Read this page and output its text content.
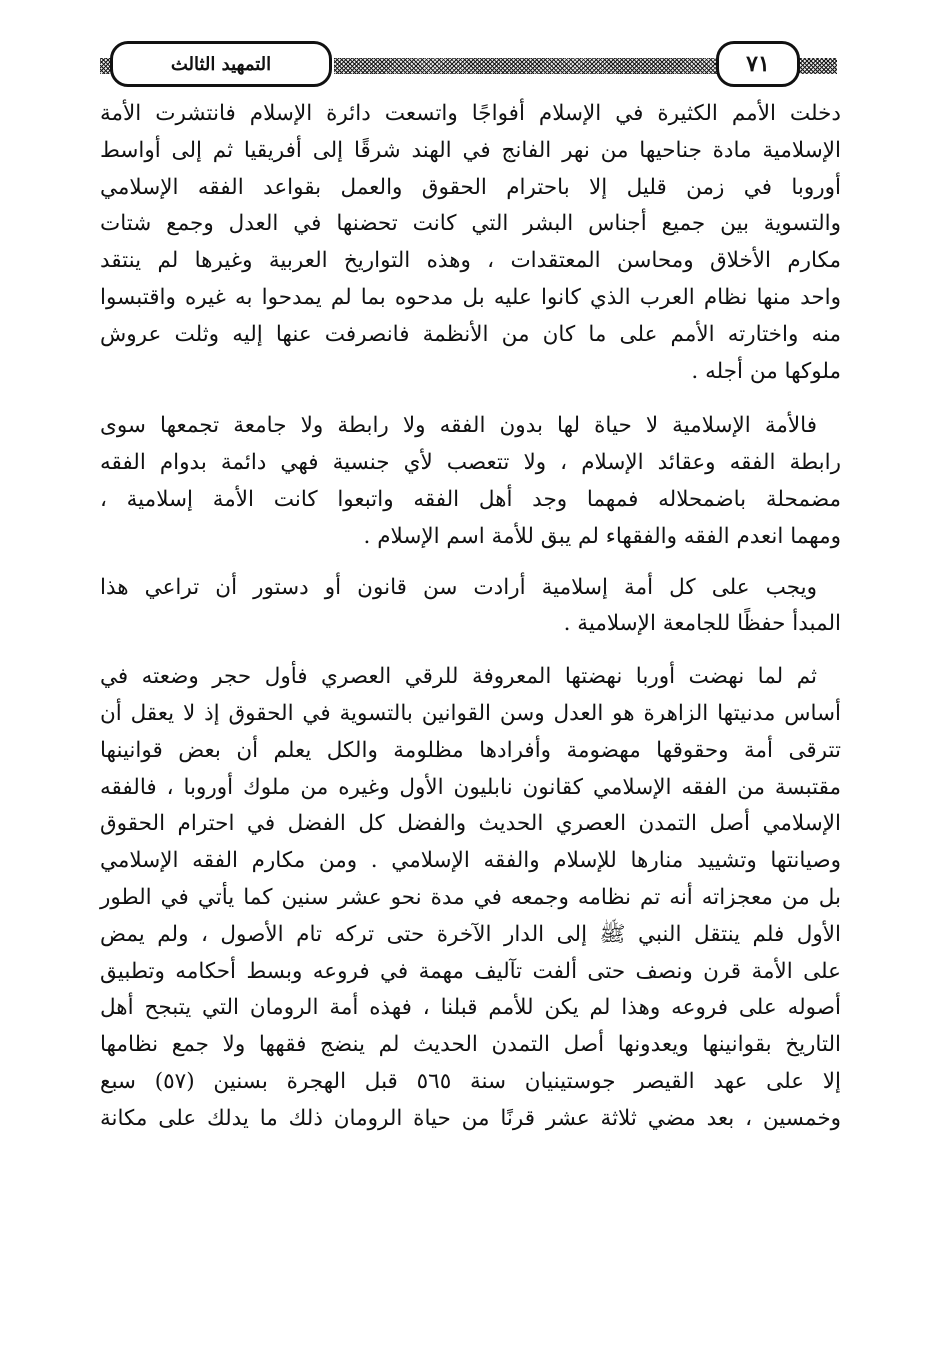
التمهيد الثالث	٧١
دخلت الأمم الكثيرة في الإسلام أفواجًا واتسعت دائرة الإسلام فانتشرت الأمة
الإسلامية مادة جناحيها من نهر الفانج في الهند شرقًا إلى أفريقيا ثم إلى أواسط
أوروبا في زمن قليل إلا باحترام الحقوق والعمل بقواعد الفقه الإسلامي
والتسوية بين جميع أجناس البشر التي كانت تحضنها في العدل وجمع شتات
مكارم الأخلاق ومحاسن المعتقدات ، وهذه التواريخ العربية وغيرها لم ينتقد
واحد منها نظام العرب الذي كانوا عليه بل مدحوه بما لم يمدحوا به غيره واقتبسوا
منه واختارته الأمم على ما كان من الأنظمة فانصرفت عنها إليه وثلت عروش
ملوكها من أجله .
فالأمة الإسلامية لا حياة لها بدون الفقه ولا رابطة ولا جامعة تجمعها سوى
رابطة الفقه وعقائد الإسلام ، ولا تتعصب لأي جنسية فهي دائمة بدوام الفقه
مضمحلة باضمحلاله فمهما وجد أهل الفقه واتبعوا كانت الأمة إسلامية ،
ومهما انعدم الفقه والفقهاء لم يبق للأمة اسم الإسلام .
ويجب على كل أمة إسلامية أرادت سن قانون أو دستور أن تراعي هذا
المبدأ حفظًا للجامعة الإسلامية .
ثم لما نهضت أوربا نهضتها المعروفة للرقي العصري فأول حجر وضعته في
أساس مدنيتها الزاهرة هو العدل وسن القوانين بالتسوية في الحقوق إذ لا يعقل أن
تترقى أمة وحقوقها مهضومة وأفرادها مظلومة والكل يعلم أن بعض قوانينها
مقتبسة من الفقه الإسلامي كقانون نابليون الأول وغيره من ملوك أوروبا ، فالفقه
الإسلامي أصل التمدن العصري الحديث والفضل كل الفضل في احترام الحقوق
وصيانتها وتشييد منارها للإسلام والفقه الإسلامي . ومن مكارم الفقه الإسلامي
بل من معجزاته أنه تم نظامه وجمعه في مدة نحو عشر سنين كما يأتي في الطور
الأول فلم ينتقل النبي ﷺ إلى الدار الآخرة حتى تركه تام الأصول ، ولم يمض
على الأمة قرن ونصف حتى ألفت تآليف مهمة في فروعه وبسط أحكامه وتطبيق
أصوله على فروعه وهذا لم يكن للأمم قبلنا ، فهذه أمة الرومان التي يتبجح أهل
التاريخ بقوانينها ويعدونها أصل التمدن الحديث لم ينضج فقهها ولا جمع نظامها
إلا على عهد القيصر جوستينيان سنة ٥٦٥ قبل الهجرة بسنين (٥٧) سبع
وخمسين ، بعد مضي ثلاثة عشر قرنًا من حياة الرومان ذلك ما يدلك على مكانة
